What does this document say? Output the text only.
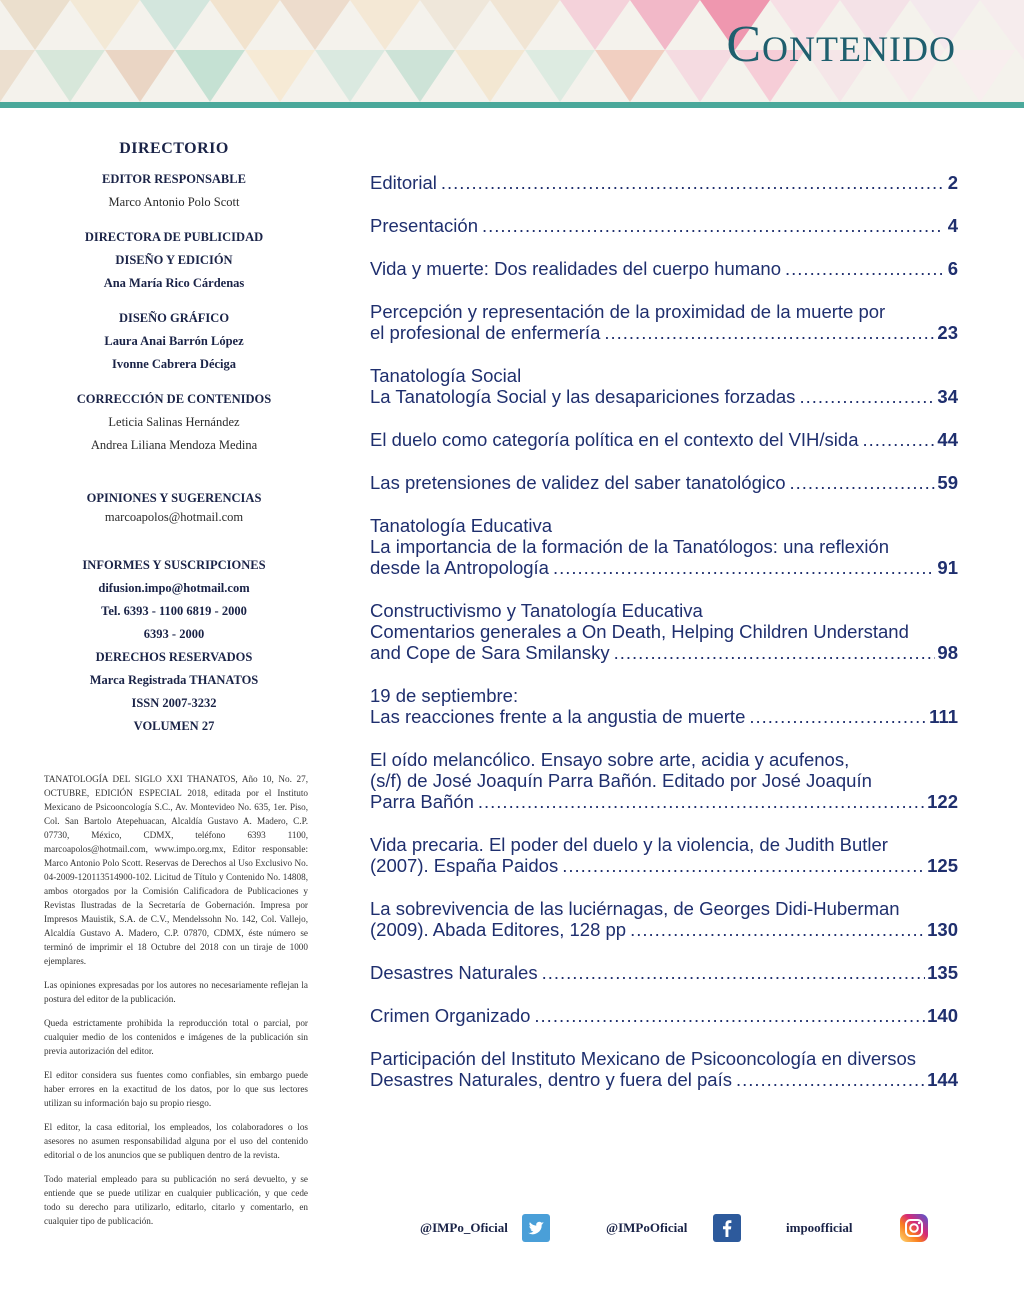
Contenido
DIRECTORIO
EDITOR RESPONSABLE
Marco Antonio Polo Scott
DIRECTORA DE PUBLICIDAD
DISEÑO Y EDICIÓN
Ana María Rico Cárdenas
DISEÑO GRÁFICO
Laura Anai Barrón López
Ivonne Cabrera Déciga
CORRECCIÓN DE CONTENIDOS
Leticia Salinas Hernández
Andrea Liliana Mendoza Medina
OPINIONES Y SUGERENCIAS
marcoapolos@hotmail.com
INFORMES Y SUSCRIPCIONES
difusion.impo@hotmail.com
Tel. 6393 - 1100 6819 - 2000
6393 - 2000
DERECHOS RESERVADOS
Marca Registrada THANATOS
ISSN 2007-3232
VOLUMEN 27

TANATOLOGÍA DEL SIGLO XXI THANATOS, Año 10, No. 27, OCTUBRE, EDICIÓN ESPECIAL 2018, editada por el Instituto Mexicano de Psicooncología S.C., Av. Montevideo No. 635, 1er. Piso, Col. San Bartolo Atepehuacan, Alcaldía Gustavo A. Madero, C.P. 07730, México, CDMX, teléfono 6393 1100, marcoapolos@hotmail.com, www.impo.org.mx, Editor responsable: Marco Antonio Polo Scott. Reservas de Derechos al Uso Exclusivo No. 04-2009-120113514900-102. Licitud de Título y Contenido No. 14808, ambos otorgados por la Comisión Calificadora de Publicaciones y Revistas Ilustradas de la Secretaría de Gobernación. Impresa por Impresos Mauistik, S.A. de C.V., Mendelssohn No. 142, Col. Vallejo, Alcaldía Gustavo A. Madero, C.P. 07870, CDMX, éste número se terminó de imprimir el 18 Octubre del 2018 con un tiraje de 1000 ejemplares.

Las opiniones expresadas por los autores no necesariamente reflejan la postura del editor de la publicación.

Queda estrictamente prohibida la reproducción total o parcial, por cualquier medio de los contenidos e imágenes de la publicación sin previa autorización del editor.

El editor considera sus fuentes como confiables, sin embargo puede haber errores en la exactitud de los datos, por lo que sus lectores utilizan su información bajo su propio riesgo.

El editor, la casa editorial, los empleados, los colaboradores o los asesores no asumen responsabilidad alguna por el uso del contenido editorial o de los anuncios que se publiquen dentro de la revista.

Todo material empleado para su publicación no será devuelto, y se entiende que se puede utilizar en cualquier publicación, y que cede todo su derecho para utilizarlo, editarlo, citarlo y comentarlo, en cualquier tipo de publicación.

Editorial .....	2
Presentación .....	4
Vida y muerte: Dos realidades del cuerpo humano .....	6
Percepción y representación de la proximidad de la muerte por
el profesional de enfermería .....	23
Tanatología Social
La Tanatología Social y las desapariciones forzadas .....	34
El duelo como categoría política en el contexto del VIH/sida .....	44
Las pretensiones de validez del saber tanatológico .....	59
Tanatología Educativa
La importancia de la formación de la Tanatólogos: una reflexión
desde la Antropología .....	91
Constructivismo y Tanatología Educativa
Comentarios generales a On Death, Helping Children Understand
and Cope de Sara Smilansky .....	98
19 de septiembre:
Las reacciones frente a la angustia de muerte .....	111
El oído melancólico. Ensayo sobre arte, acidia y acufenos,
(s/f) de José Joaquín Parra Bañón. Editado por José Joaquín
Parra Bañón .....	122
Vida precaria. El poder del duelo y la violencia, de Judith Butler
(2007). España Paidos .....	125
La sobrevivencia de las luciérnagas, de Georges Didi-Huberman
(2009). Abada Editores, 128 pp .....	130
Desastres Naturales .....	135
Crimen Organizado .....	140
Participación del Instituto Mexicano de Psicooncología en diversos
Desastres Naturales, dentro y fuera del país .....	144
@IMPo_Oficial	@IMPoOficial	impoofficial
